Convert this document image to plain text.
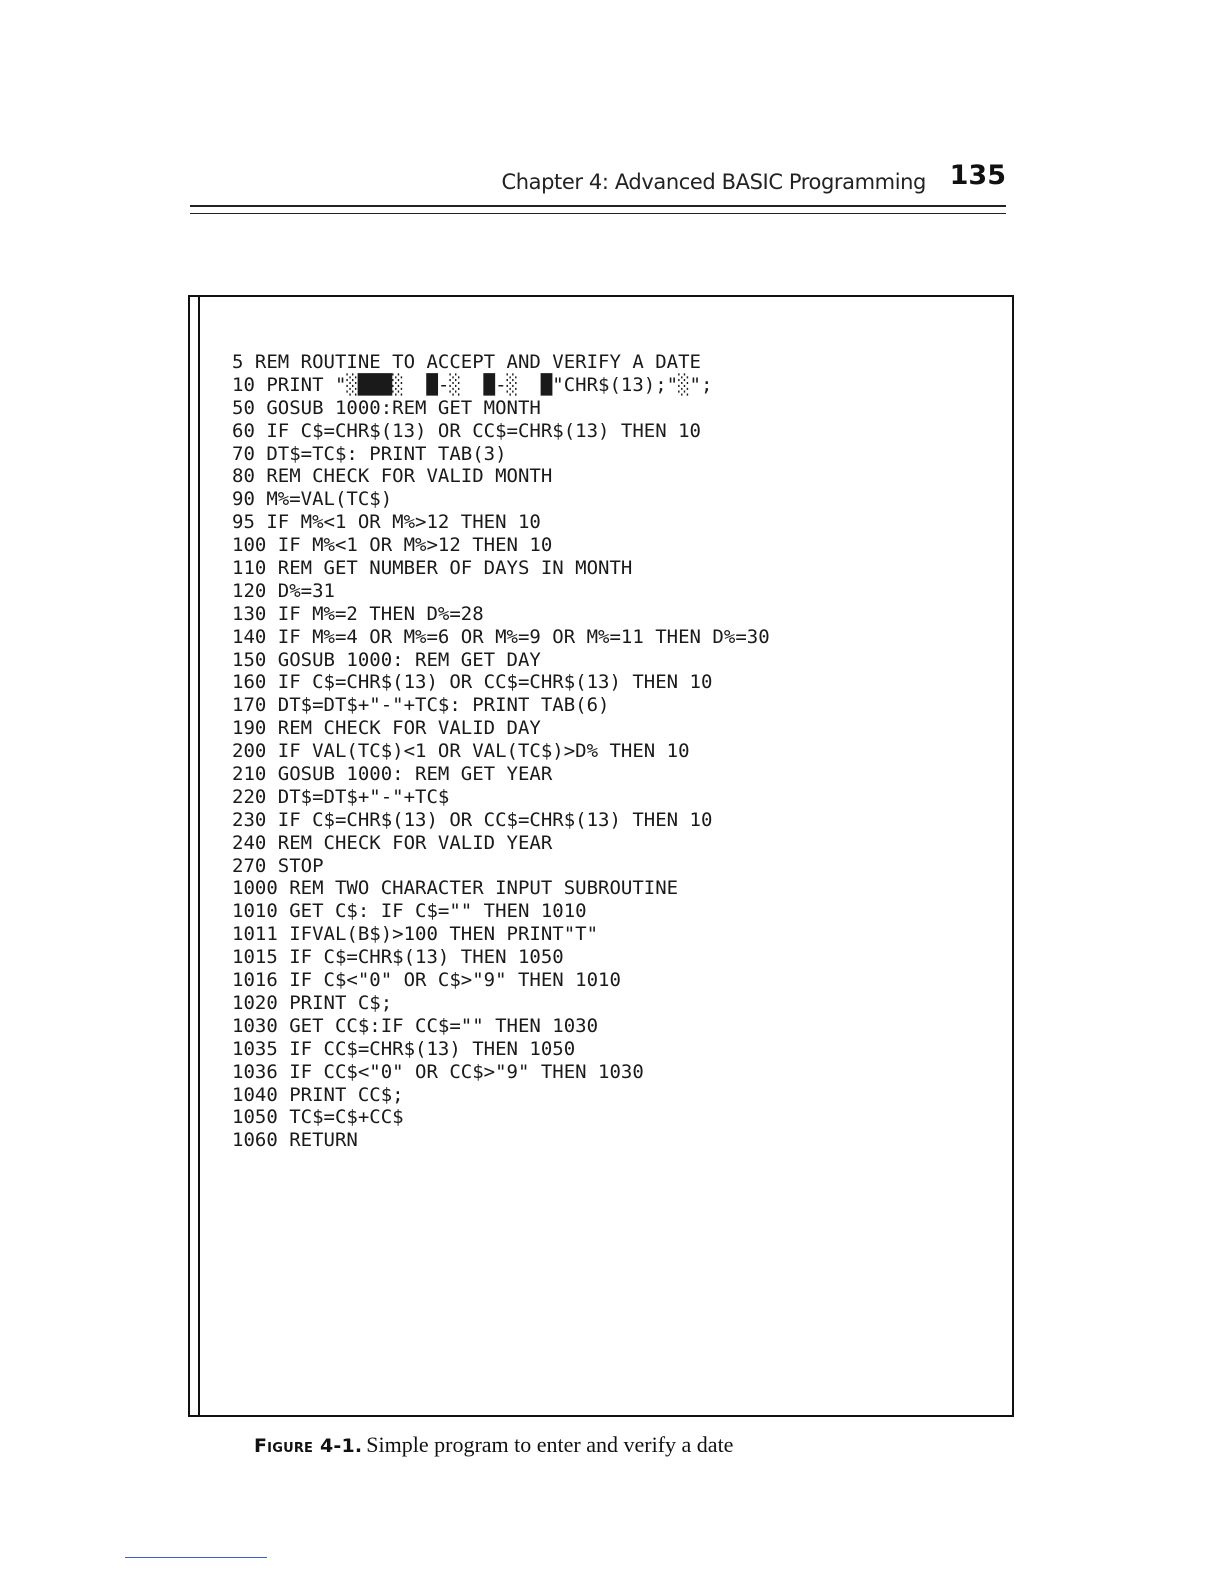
Chapter 4: Advanced BASIC Programming 135
5 REM ROUTINE TO ACCEPT AND VERIFY A DATE
10 PRINT "░███░  █-░  █-░  █"CHR$(13);"░";
50 GOSUB 1000:REM GET MONTH
60 IF C$=CHR$(13) OR CC$=CHR$(13) THEN 10
70 DT$=TC$: PRINT TAB(3)
80 REM CHECK FOR VALID MONTH
90 M%=VAL(TC$)
95 IF M%<1 OR M%>12 THEN 10
100 IF M%<1 OR M%>12 THEN 10
110 REM GET NUMBER OF DAYS IN MONTH
120 D%=31
130 IF M%=2 THEN D%=28
140 IF M%=4 OR M%=6 OR M%=9 OR M%=11 THEN D%=30
150 GOSUB 1000: REM GET DAY
160 IF C$=CHR$(13) OR CC$=CHR$(13) THEN 10
170 DT$=DT$+"-"+TC$: PRINT TAB(6)
190 REM CHECK FOR VALID DAY
200 IF VAL(TC$)<1 OR VAL(TC$)>D% THEN 10
210 GOSUB 1000: REM GET YEAR
220 DT$=DT$+"-"+TC$
230 IF C$=CHR$(13) OR CC$=CHR$(13) THEN 10
240 REM CHECK FOR VALID YEAR
270 STOP
1000 REM TWO CHARACTER INPUT SUBROUTINE
1010 GET C$: IF C$="" THEN 1010
1011 IFVAL(B$)>100 THEN PRINT"T"
1015 IF C$=CHR$(13) THEN 1050
1016 IF C$<"0" OR C$>"9" THEN 1010
1020 PRINT C$;
1030 GET CC$:IF CC$="" THEN 1030
1035 IF CC$=CHR$(13) THEN 1050
1036 IF CC$<"0" OR CC$>"9" THEN 1030
1040 PRINT CC$;
1050 TC$=C$+CC$
1060 RETURN
Figure 4-1. Simple program to enter and verify a date
